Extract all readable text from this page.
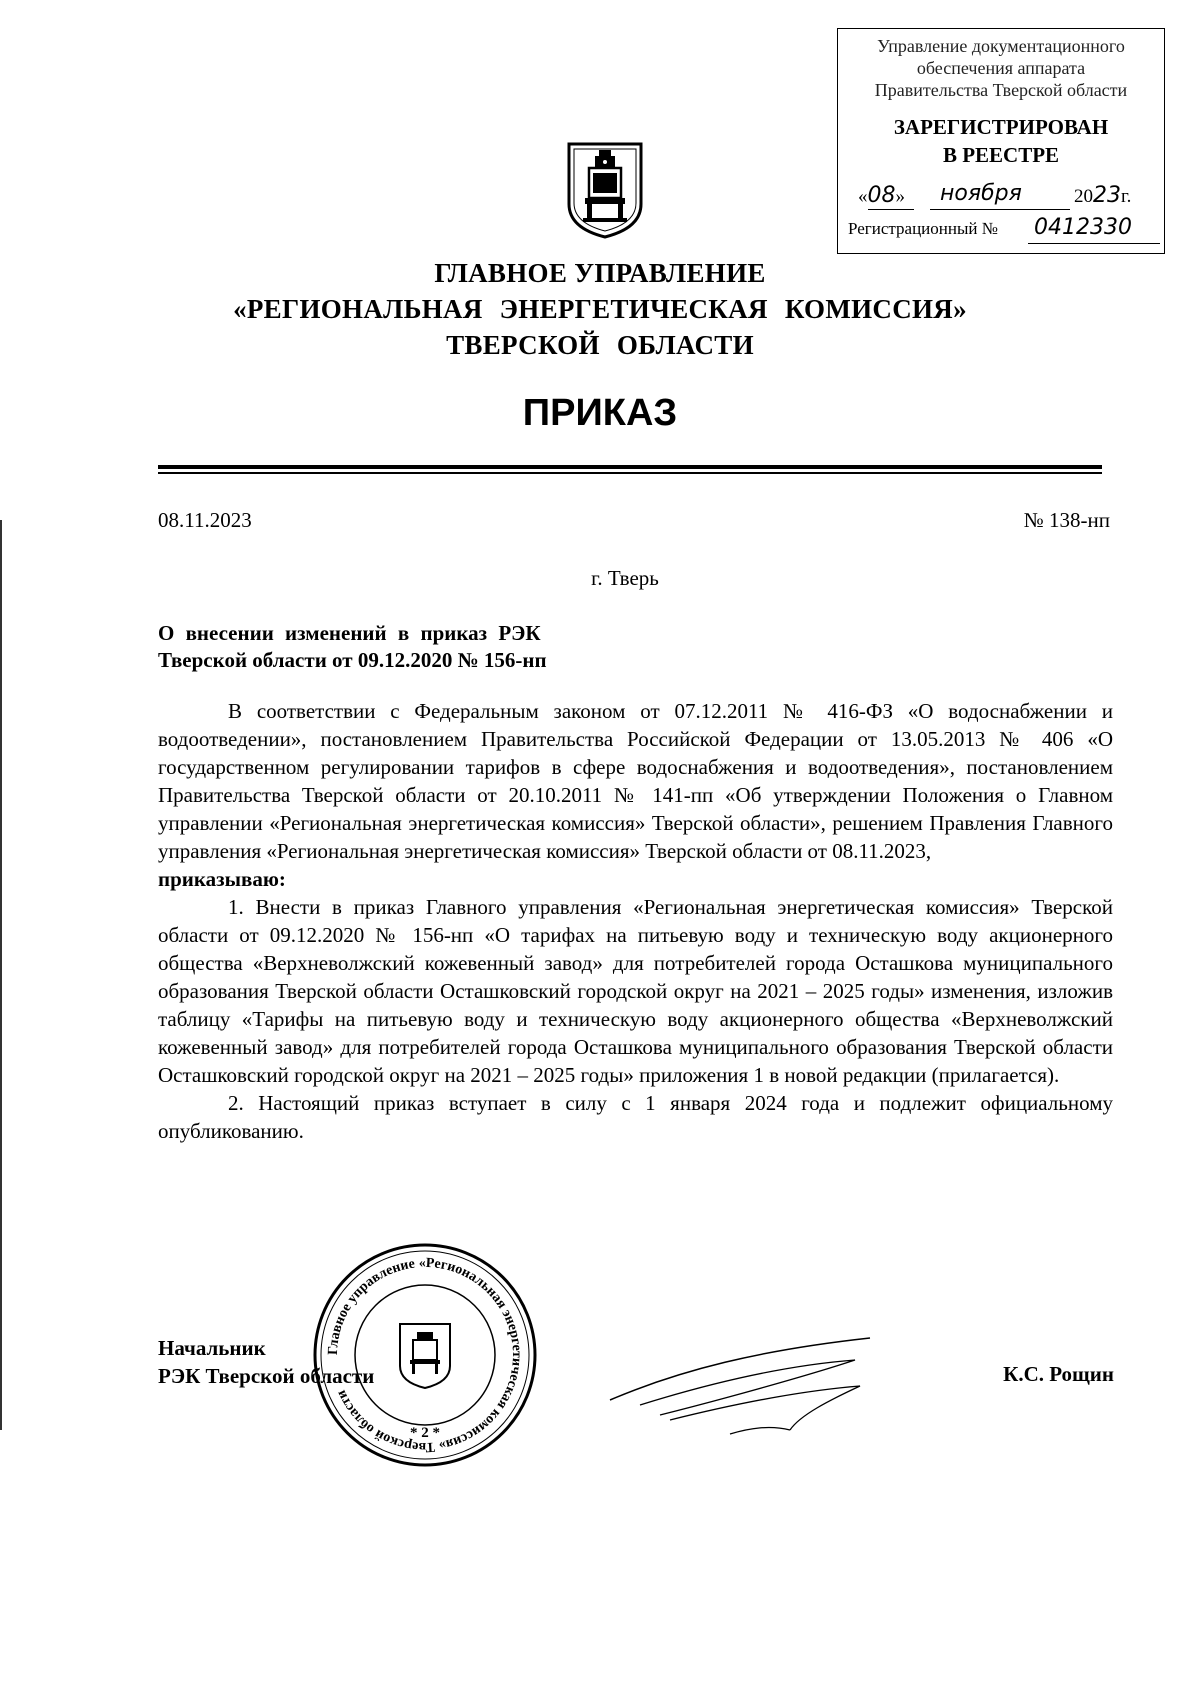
Управление документационного
обеспечения аппарата
Правительства Тверской области
ЗАРЕГИСТРИРОВАН
В РЕЕСТРЕ
«08» ноября	2023г.
Регистрационный № 0412330
ГЛАВНОЕ УПРАВЛЕНИЕ
«РЕГИОНАЛЬНАЯ ЭНЕРГЕТИЧЕСКАЯ КОМИССИЯ»
ТВЕРСКОЙ ОБЛАСТИ
ПРИКАЗ
08.11.2023	№ 138-нп
г. Тверь
О внесении изменений в приказ РЭК
Тверской области от 09.12.2020 № 156-нп

В соответствии с Федеральным законом от 07.12.2011 № 416-ФЗ «О водоснабжении и водоотведении», постановлением Правительства Российской Федерации от 13.05.2013 № 406 «О государственном регулировании тарифов в сфере водоснабжения и водоотведения», постановлением Правительства Тверской области от 20.10.2011 № 141-пп «Об утверждении Положения о Главном управлении «Региональная энергетическая комиссия» Тверской области», решением Правления Главного управления «Региональная энергетическая комиссия» Тверской области от 08.11.2023,

приказываю:

1. Внести в приказ Главного управления «Региональная энергетическая комиссия» Тверской области от 09.12.2020 № 156-нп «О тарифах на питьевую воду и техническую воду акционерного общества «Верхневолжский кожевенный завод» для потребителей города Осташкова муниципального образования Тверской области Осташковский городской округ на 2021 – 2025 годы» изменения, изложив таблицу «Тарифы на питьевую воду и техническую воду акционерного общества «Верхневолжский кожевенный завод» для потребителей города Осташкова муниципального образования Тверской области Осташковский городской округ на 2021 – 2025 годы» приложения 1 в новой редакции (прилагается).

2. Настоящий приказ вступает в силу с 1 января 2024 года и подлежит официальному опубликованию.

Начальник
РЭК Тверской области
Главное управление «Региональная энергетическая комиссия» Тверской области
* 2 *
К.С. Рощин
